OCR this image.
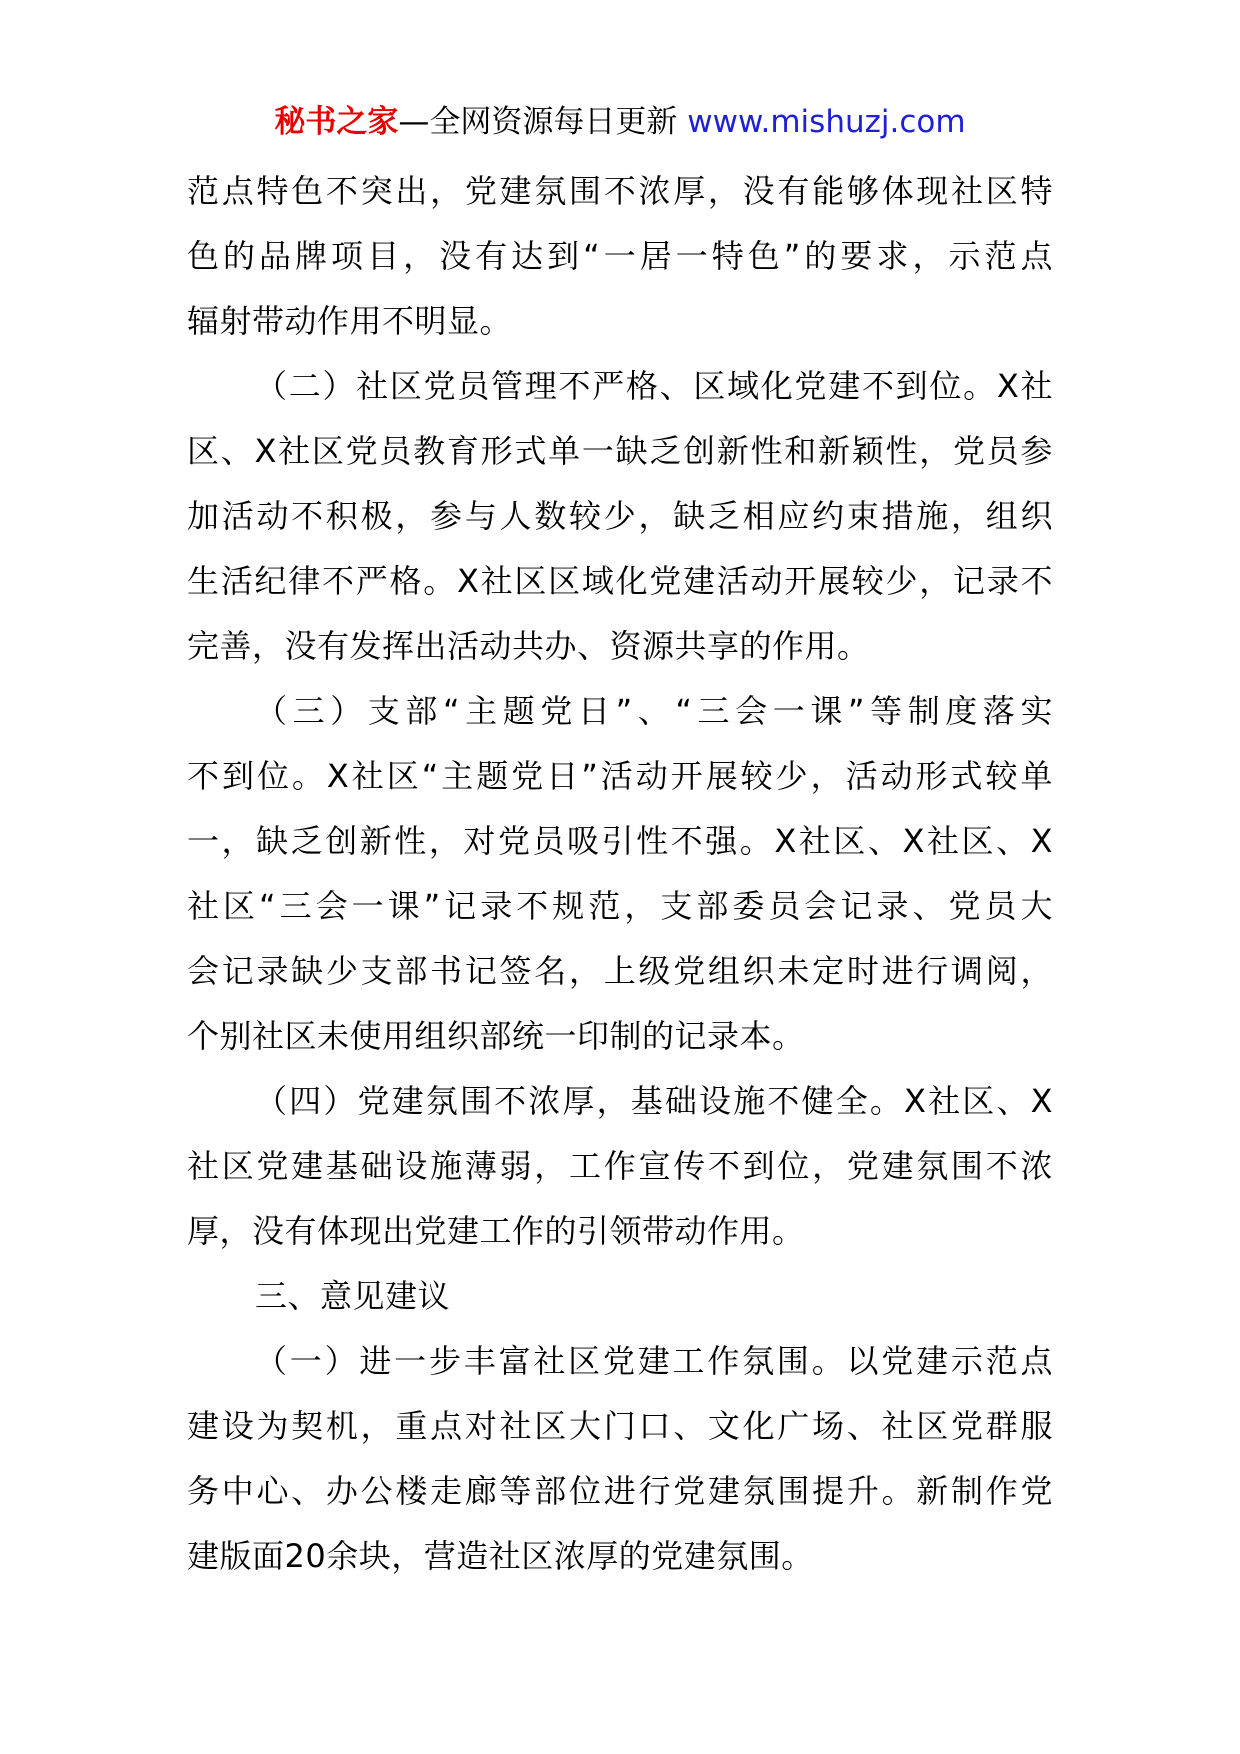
秘书之家—全网资源每日更新 www.mishuzj.com
范点特色不突出，党建氛围不浓厚，没有能够体现社区特
色的品牌项目，没有达到“一居一特色”的要求，示范点
辐射带动作用不明显。
（二）社区党员管理不严格、区域化党建不到位。X社
区、X社区党员教育形式单一缺乏创新性和新颖性，党员参
加活动不积极，参与人数较少，缺乏相应约束措施，组织
生活纪律不严格。X社区区域化党建活动开展较少，记录不
完善，没有发挥出活动共办、资源共享的作用。
（三）支部“主题党日”、“三会一课”等制度落实
不到位。X社区“主题党日”活动开展较少，活动形式较单
一，缺乏创新性，对党员吸引性不强。X社区、X社区、X
社区“三会一课”记录不规范，支部委员会记录、党员大
会记录缺少支部书记签名，上级党组织未定时进行调阅，
个别社区未使用组织部统一印制的记录本。
（四）党建氛围不浓厚，基础设施不健全。X社区、X
社区党建基础设施薄弱，工作宣传不到位，党建氛围不浓
厚，没有体现出党建工作的引领带动作用。
三、意见建议
（一）进一步丰富社区党建工作氛围。以党建示范点
建设为契机，重点对社区大门口、文化广场、社区党群服
务中心、办公楼走廊等部位进行党建氛围提升。新制作党
建版面20余块，营造社区浓厚的党建氛围。
